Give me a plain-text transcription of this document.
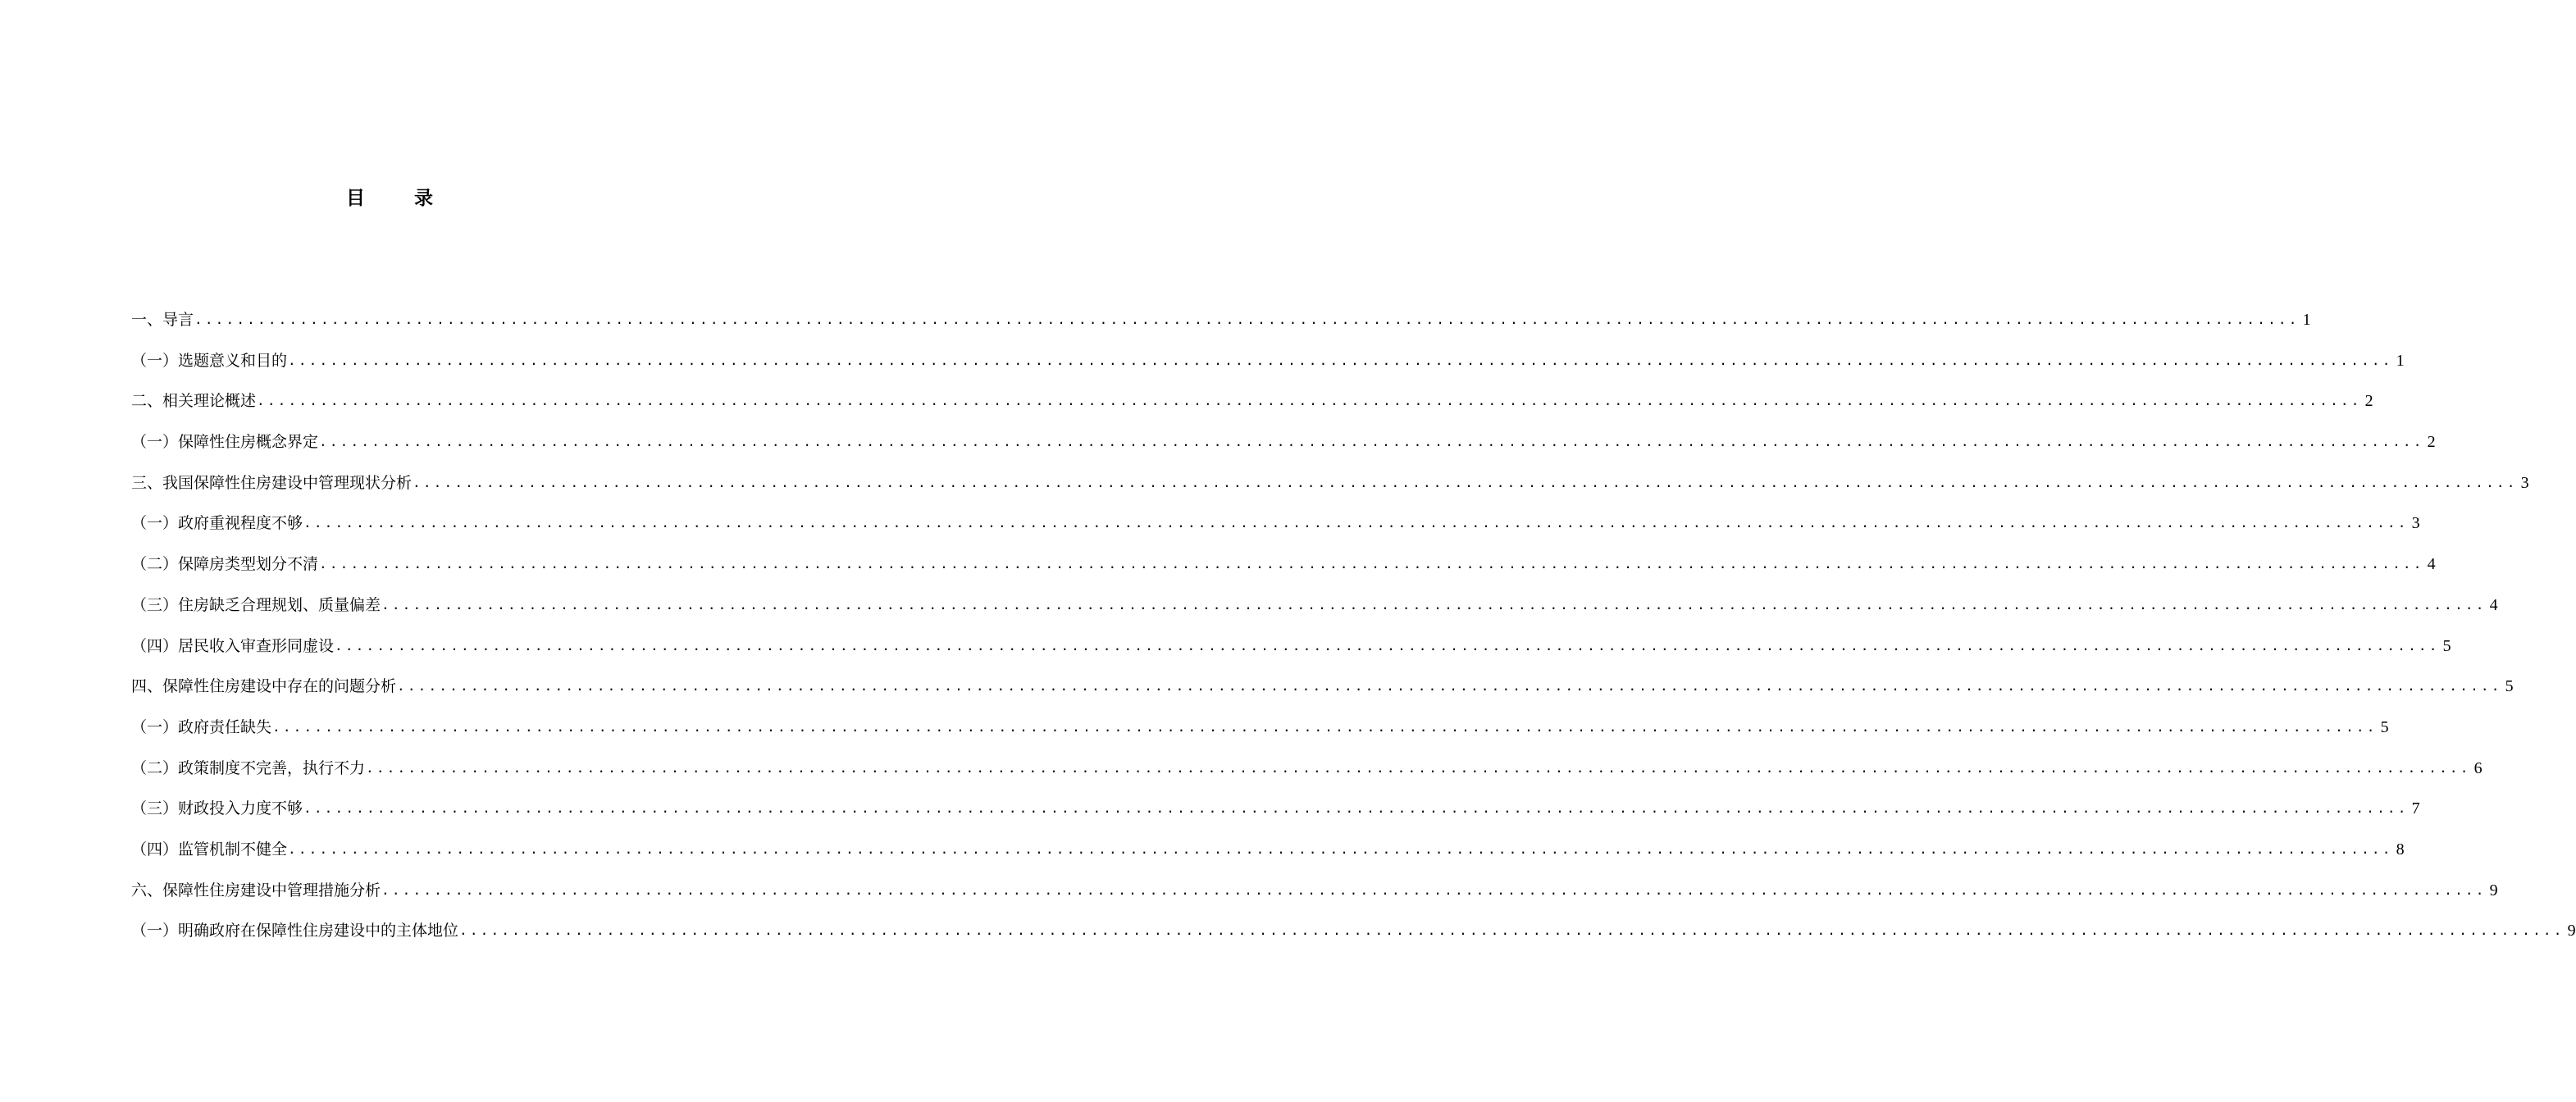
目 录
一、导言 ........................................................................................................................................................................................................ 1
（一）选题意义和目的 ........................................................................................................................................................................................................ 1
二、相关理论概述 ........................................................................................................................................................................................................ 2
（一）保障性住房概念界定 ........................................................................................................................................................................................................ 2
三、我国保障性住房建设中管理现状分析 ........................................................................................................................................................................................................ 3
（一）政府重视程度不够 ........................................................................................................................................................................................................ 3
（二）保障房类型划分不清 ........................................................................................................................................................................................................ 4
（三）住房缺乏合理规划、质量偏差 ........................................................................................................................................................................................................ 4
（四）居民收入审查形同虚设 ........................................................................................................................................................................................................ 5
四、保障性住房建设中存在的问题分析 ........................................................................................................................................................................................................ 5
（一）政府责任缺失 ........................................................................................................................................................................................................ 5
（二）政策制度不完善，执行不力 ........................................................................................................................................................................................................ 6
（三）财政投入力度不够 ........................................................................................................................................................................................................ 7
（四）监管机制不健全 ........................................................................................................................................................................................................ 8
六、保障性住房建设中管理措施分析 ........................................................................................................................................................................................................ 9
（一）明确政府在保障性住房建设中的主体地位 ........................................................................................................................................................................................................ 9
